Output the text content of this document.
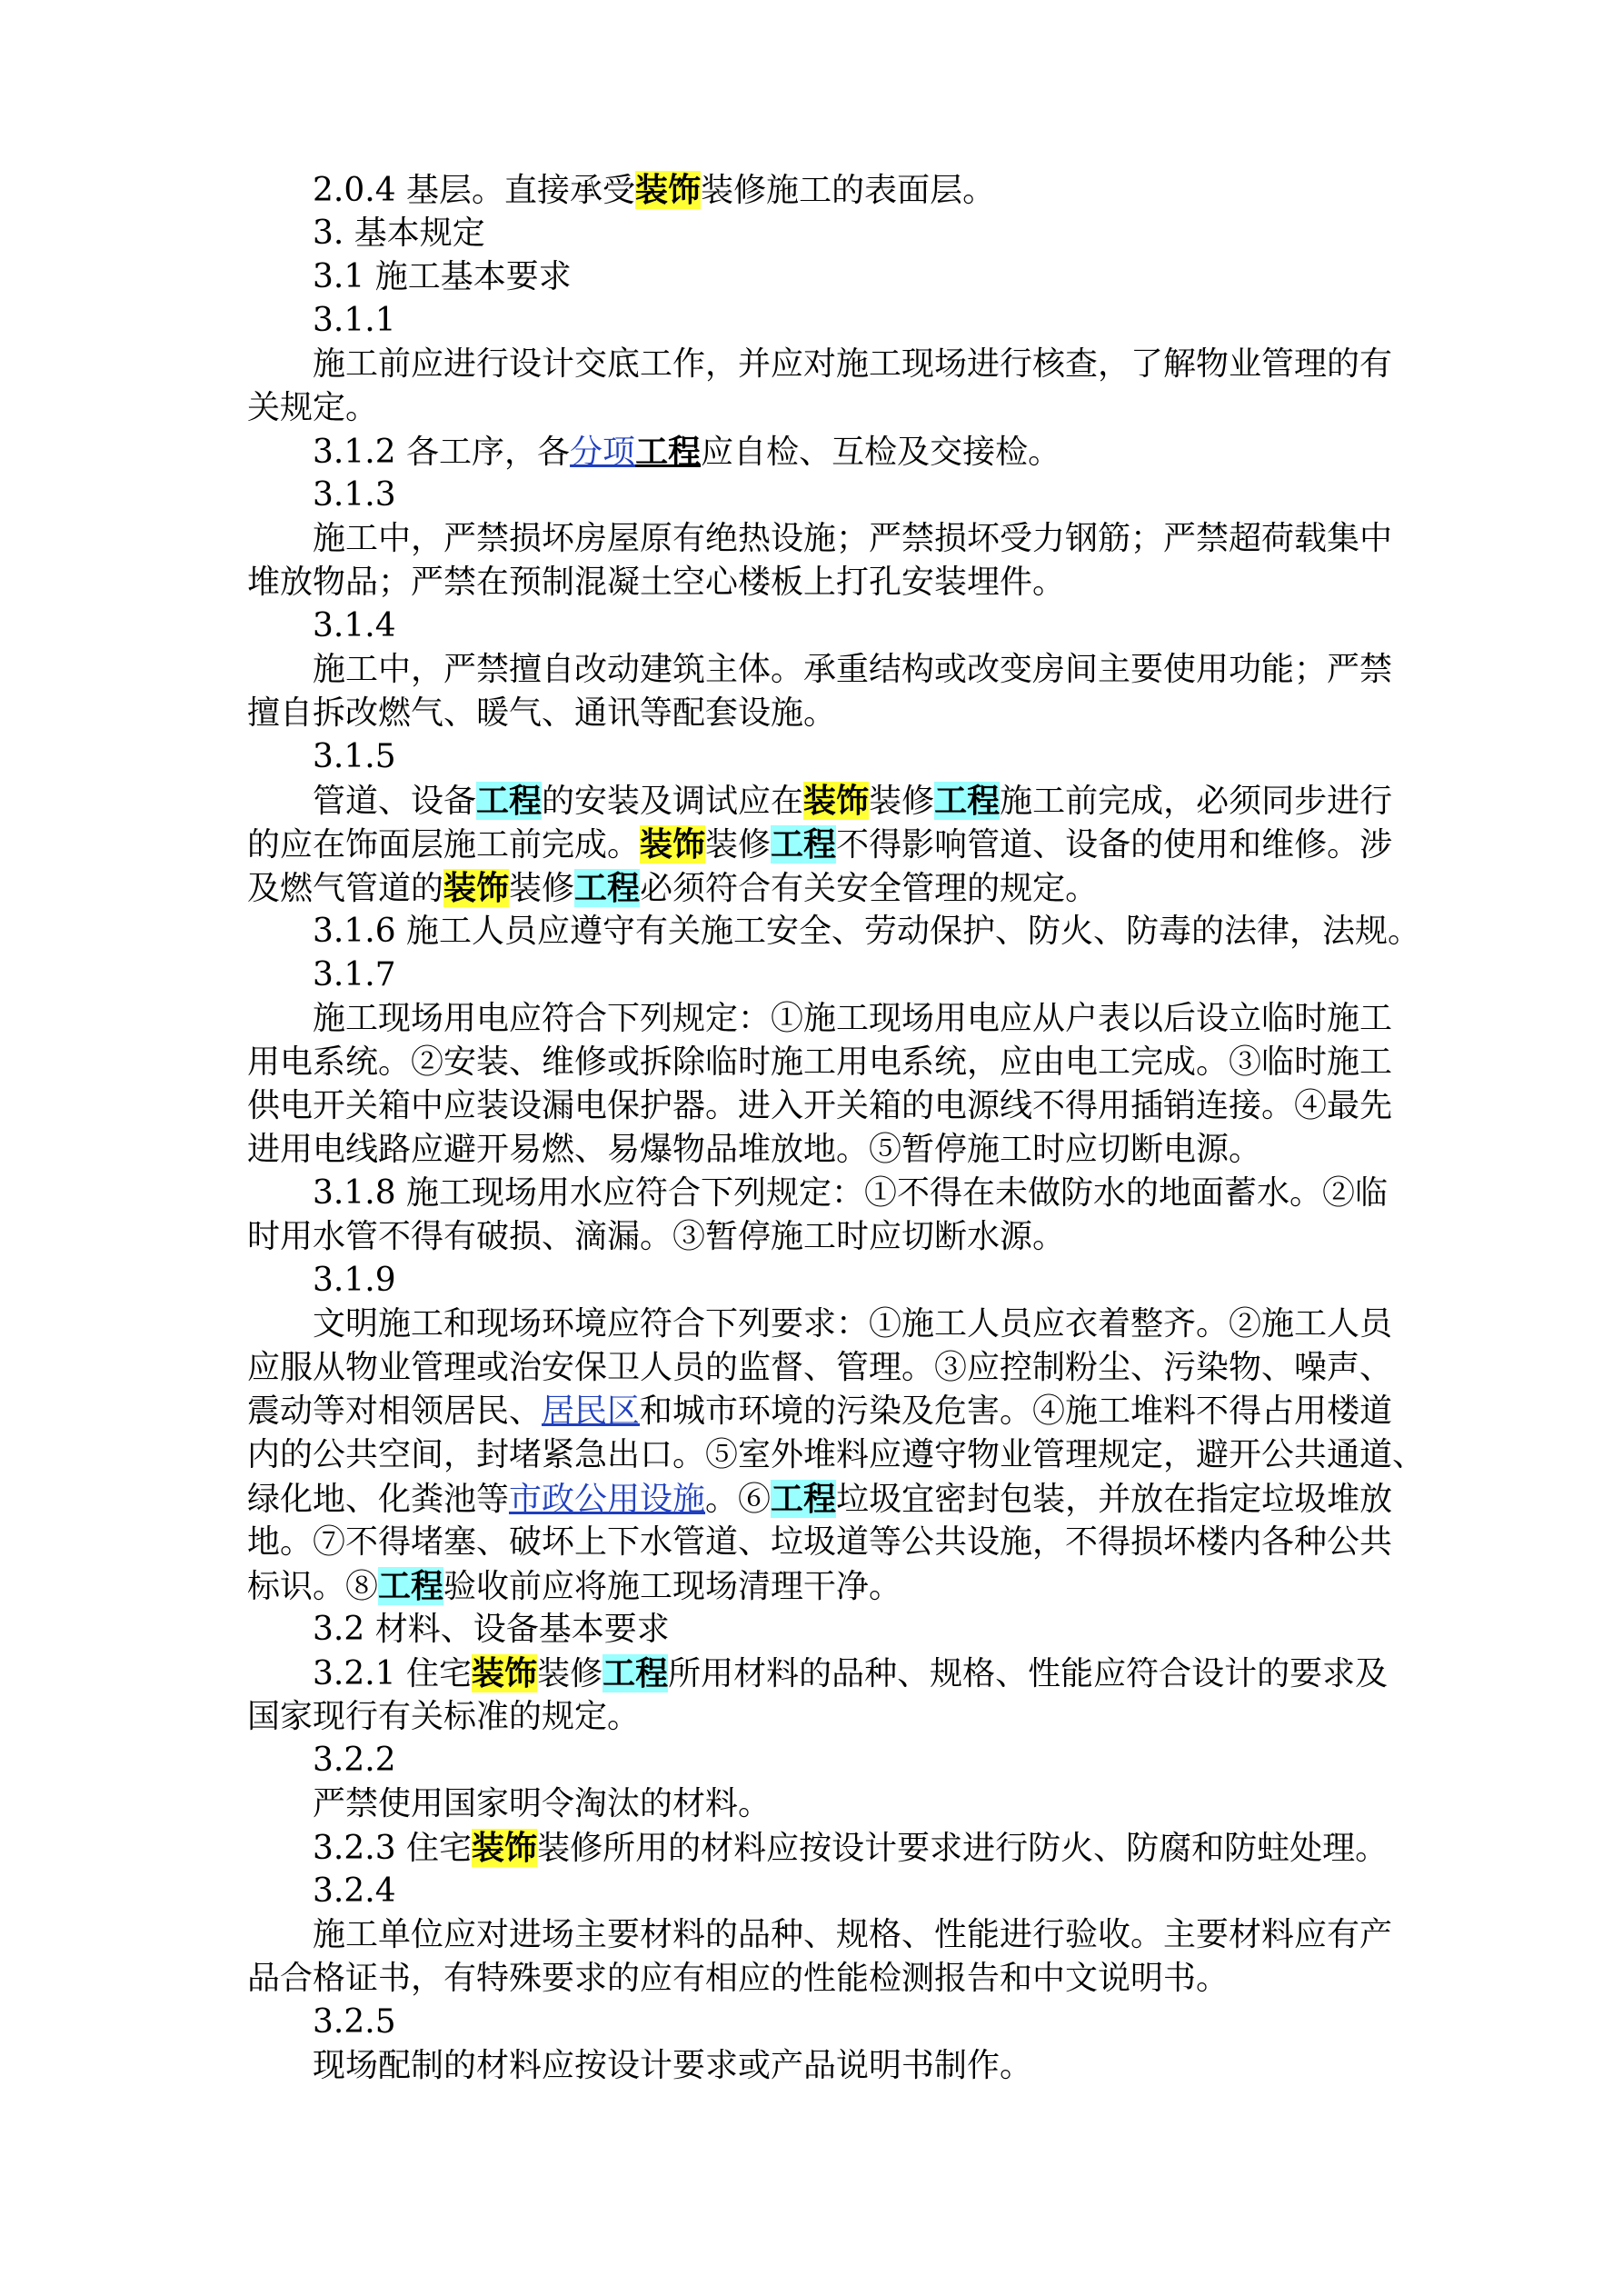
2.0.4 基层。直接承受装饰装修施工的表面层。
3. 基本规定
3.1 施工基本要求
3.1.1
施工前应进行设计交底工作，并应对施工现场进行核查，了解物业管理的有
关规定。
3.1.2 各工序，各分项工程应自检、互检及交接检。
3.1.3
施工中，严禁损坏房屋原有绝热设施；严禁损坏受力钢筋；严禁超荷载集中
堆放物品；严禁在预制混凝土空心楼板上打孔安装埋件。
3.1.4
施工中，严禁擅自改动建筑主体。承重结构或改变房间主要使用功能；严禁
擅自拆改燃气、暖气、通讯等配套设施。
3.1.5
管道、设备工程的安装及调试应在装饰装修工程施工前完成，必须同步进行
的应在饰面层施工前完成。装饰装修工程不得影响管道、设备的使用和维修。涉
及燃气管道的装饰装修工程必须符合有关安全管理的规定。
3.1.6 施工人员应遵守有关施工安全、劳动保护、防火、防毒的法律，法规。
3.1.7
施工现场用电应符合下列规定：①施工现场用电应从户表以后设立临时施工
用电系统。②安装、维修或拆除临时施工用电系统，应由电工完成。③临时施工
供电开关箱中应装设漏电保护器。进入开关箱的电源线不得用插销连接。④最先
进用电线路应避开易燃、易爆物品堆放地。⑤暂停施工时应切断电源。
3.1.8 施工现场用水应符合下列规定：①不得在未做防水的地面蓄水。②临
时用水管不得有破损、滴漏。③暂停施工时应切断水源。
3.1.9
文明施工和现场环境应符合下列要求：①施工人员应衣着整齐。②施工人员
应服从物业管理或治安保卫人员的监督、管理。③应控制粉尘、污染物、噪声、
震动等对相领居民、居民区和城市环境的污染及危害。④施工堆料不得占用楼道
内的公共空间，封堵紧急出口。⑤室外堆料应遵守物业管理规定，避开公共通道、
绿化地、化粪池等市政公用设施。⑥工程垃圾宜密封包装，并放在指定垃圾堆放
地。⑦不得堵塞、破坏上下水管道、垃圾道等公共设施，不得损坏楼内各种公共
标识。⑧工程验收前应将施工现场清理干净。
3.2 材料、设备基本要求
3.2.1 住宅装饰装修工程所用材料的品种、规格、性能应符合设计的要求及
国家现行有关标准的规定。
3.2.2
严禁使用国家明令淘汰的材料。
3.2.3 住宅装饰装修所用的材料应按设计要求进行防火、防腐和防蛀处理。
3.2.4
施工单位应对进场主要材料的品种、规格、性能进行验收。主要材料应有产
品合格证书，有特殊要求的应有相应的性能检测报告和中文说明书。
3.2.5
现场配制的材料应按设计要求或产品说明书制作。
